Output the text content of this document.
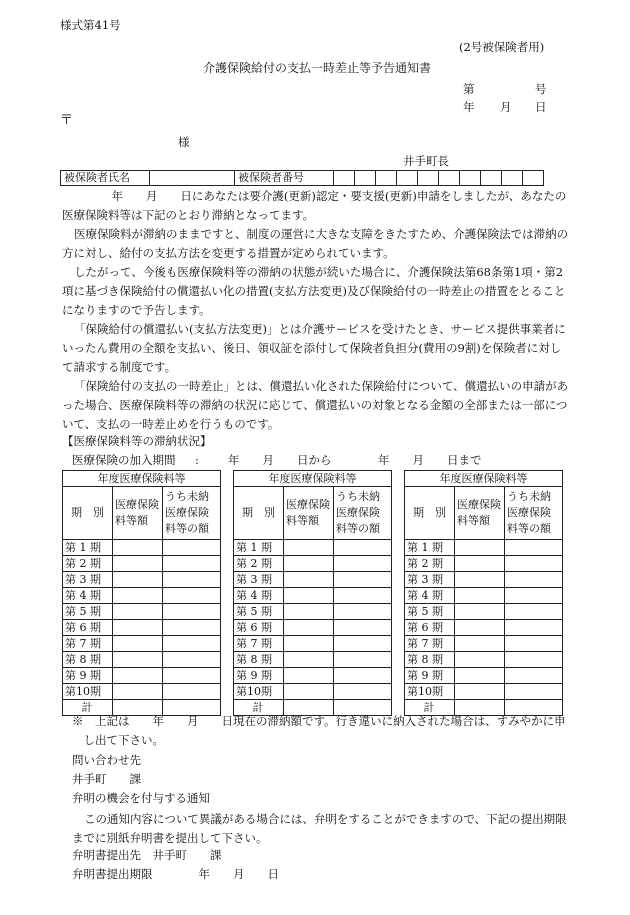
様式第41号
(2号被保険者用)
介護保険給付の支払一時差止等予告通知書
第	号
年 月 日
〒
様
井手町長
被保険者氏名		被保険者番号										

年　　月　　日にあなたは要介護(更新)認定・要支援(更新)申請をしましたが、あなたの医療保険料等は下記のとおり滞納となってます。

医療保険料が滞納のままですと、制度の運営に大きな支障をきたすため、介護保険法では滞納の方に対し、給付の支払方法を変更する措置が定められています。

したがって、今後も医療保険料等の滞納の状態が続いた場合に、介護保険法第68条第1項・第2項に基づき保険給付の償還払い化の措置(支払方法変更)及び保険給付の一時差止の措置をとることになりますので予告します。

「保険給付の償還払い(支払方法変更)」とは介護サービスを受けたとき、サービス提供事業者にいったん費用の全額を支払い、後日、領収証を添付して保険者負担分(費用の9割)を保険者に対して請求する制度です。

「保険給付の支払の一時差止」とは、償還払い化された保険給付について、償還払いの申請があった場合、医療保険料等の滞納の状況に応じて、償還払いの対象となる金額の全部または一部について、支払の一時差止めを行うものです。

【医療保険料等の滞納状況】
医療保険の加入期間 :	年　　月　　日から	年　　月　　日まで
年度医療保険料等		
期　別	医療保険料等額	うち未納医療保険料等の額
第 1 期		
第 2 期		
第 3 期		
第 4 期		
第 5 期		
第 6 期		
第 7 期		
第 8 期		
第 9 期		
第10期		
計		
年度医療保険料等		
期　別	医療保険料等額	うち未納医療保険料等の額
第 1 期		
第 2 期		
第 3 期		
第 4 期		
第 5 期		
第 6 期		
第 7 期		
第 8 期		
第 9 期		
第10期		
計		
年度医療保険料等		
期　別	医療保険料等額	うち未納医療保険料等の額
第 1 期		
第 2 期		
第 3 期		
第 4 期		
第 5 期		
第 6 期		
第 7 期		
第 8 期		
第 9 期		
第10期		
計		

※　上記は　　年　　月　　日現在の滞納額です。行き違いに納入された場合は、すみやかに申し出て下さい。

問い合わせ先
井手町　　課
弁明の機会を付与する通知

この通知内容について異議がある場合には、弁明をすることができますので、下記の提出期限までに別紙弁明書を提出して下さい。

弁明書提出先　井手町　　課
弁明書提出期限　　　　年　　月　　日
